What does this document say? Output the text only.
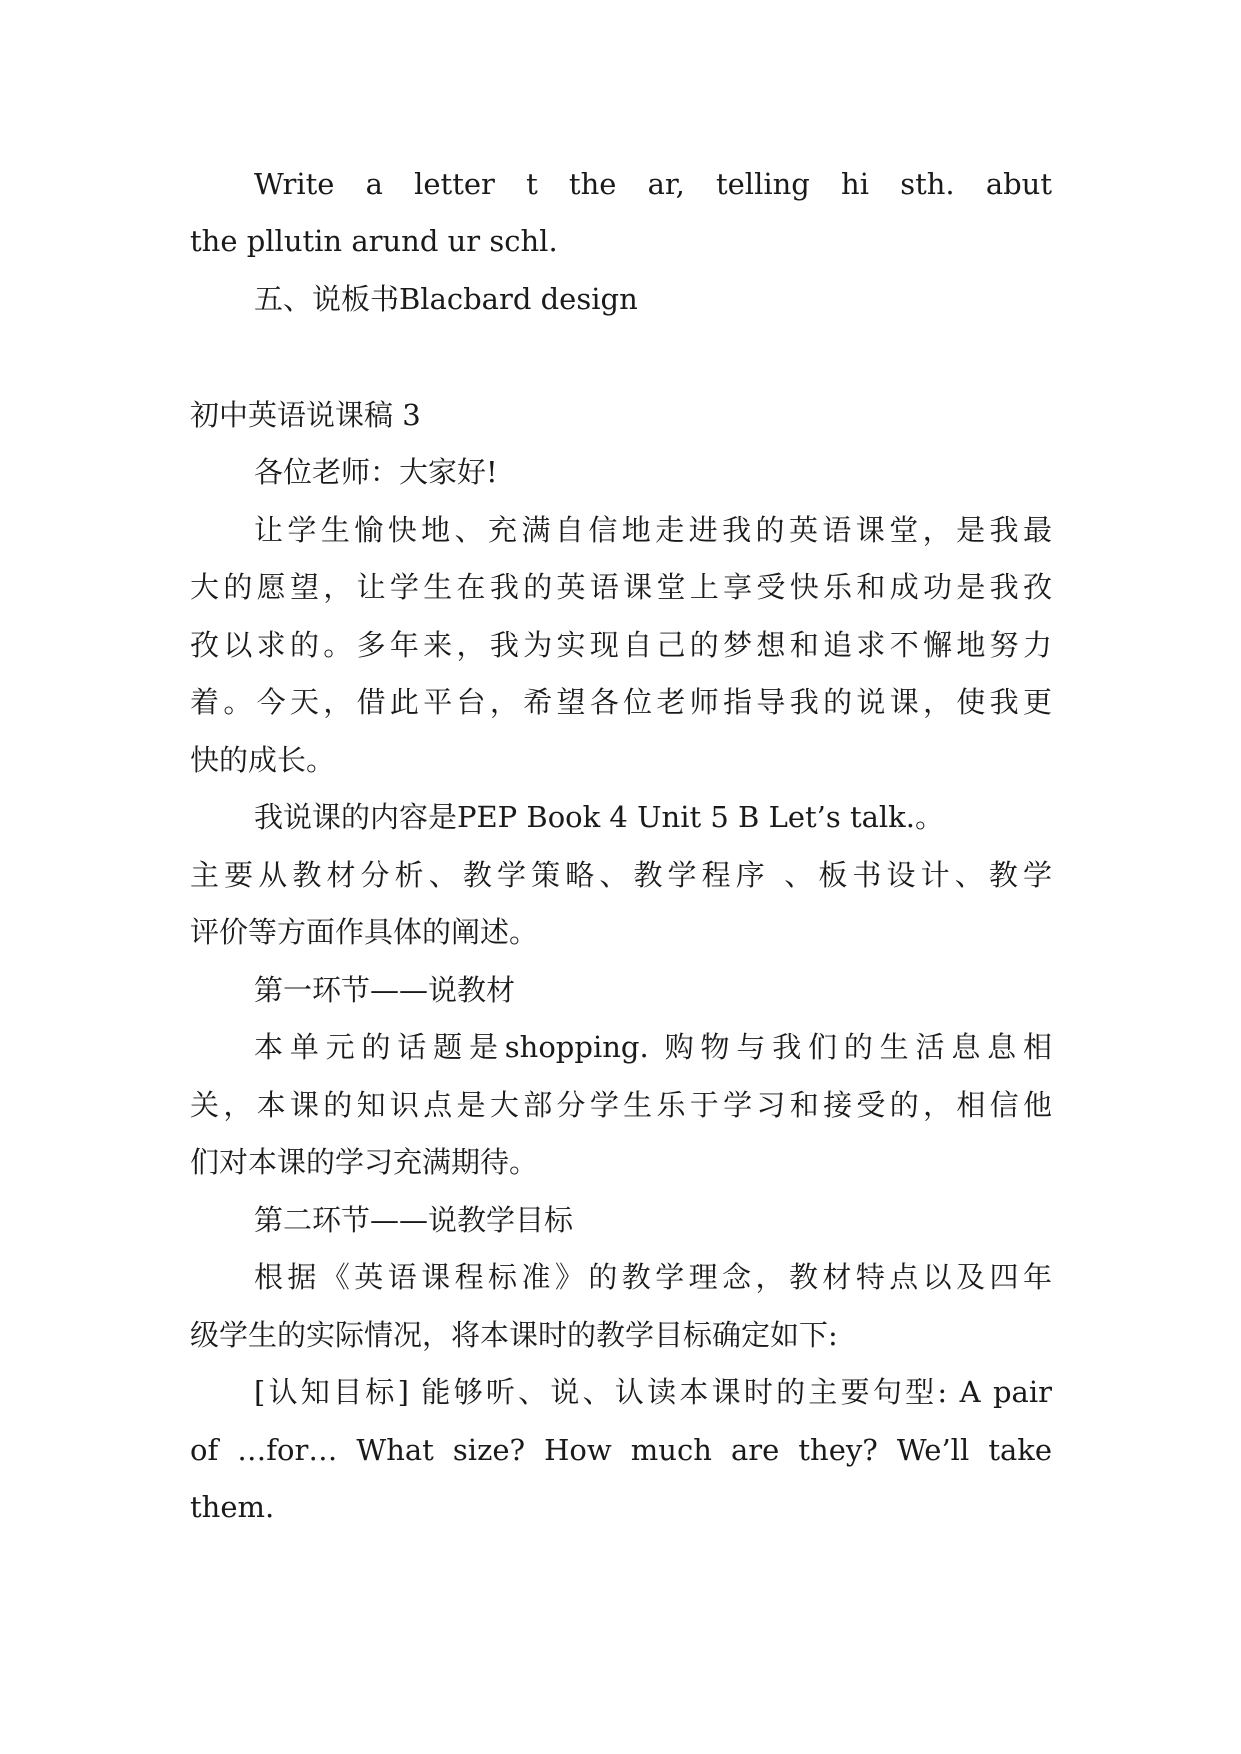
Write a letter t the ar, telling hi sth. abut
the pllutin arund ur schl.
五、说板书Blacbard design
初中英语说课稿 3
各位老师：大家好!
让学生愉快地、充满自信地走进我的英语课堂，是我最
大的愿望，让学生在我的英语课堂上享受快乐和成功是我孜
孜以求的。多年来，我为实现自己的梦想和追求不懈地努力
着。今天，借此平台，希望各位老师指导我的说课，使我更
快的成长。
我说课的内容是PEP Book 4 Unit 5 B Let’s talk.。
主要从教材分析、教学策略、教学程序 、板书设计、教学
评价等方面作具体的阐述。
第一环节——说教材
本单元的话题是shopping. 购物与我们的生活息息相
关，本课的知识点是大部分学生乐于学习和接受的，相信他
们对本课的学习充满期待。
第二环节——说教学目标
根据《英语课程标准》的教学理念，教材特点以及四年
级学生的实际情况，将本课时的教学目标确定如下:
[认知目标] 能够听、说、认读本课时的主要句型: A pair
of …for… What size? How much are they? We’ll take
them.
